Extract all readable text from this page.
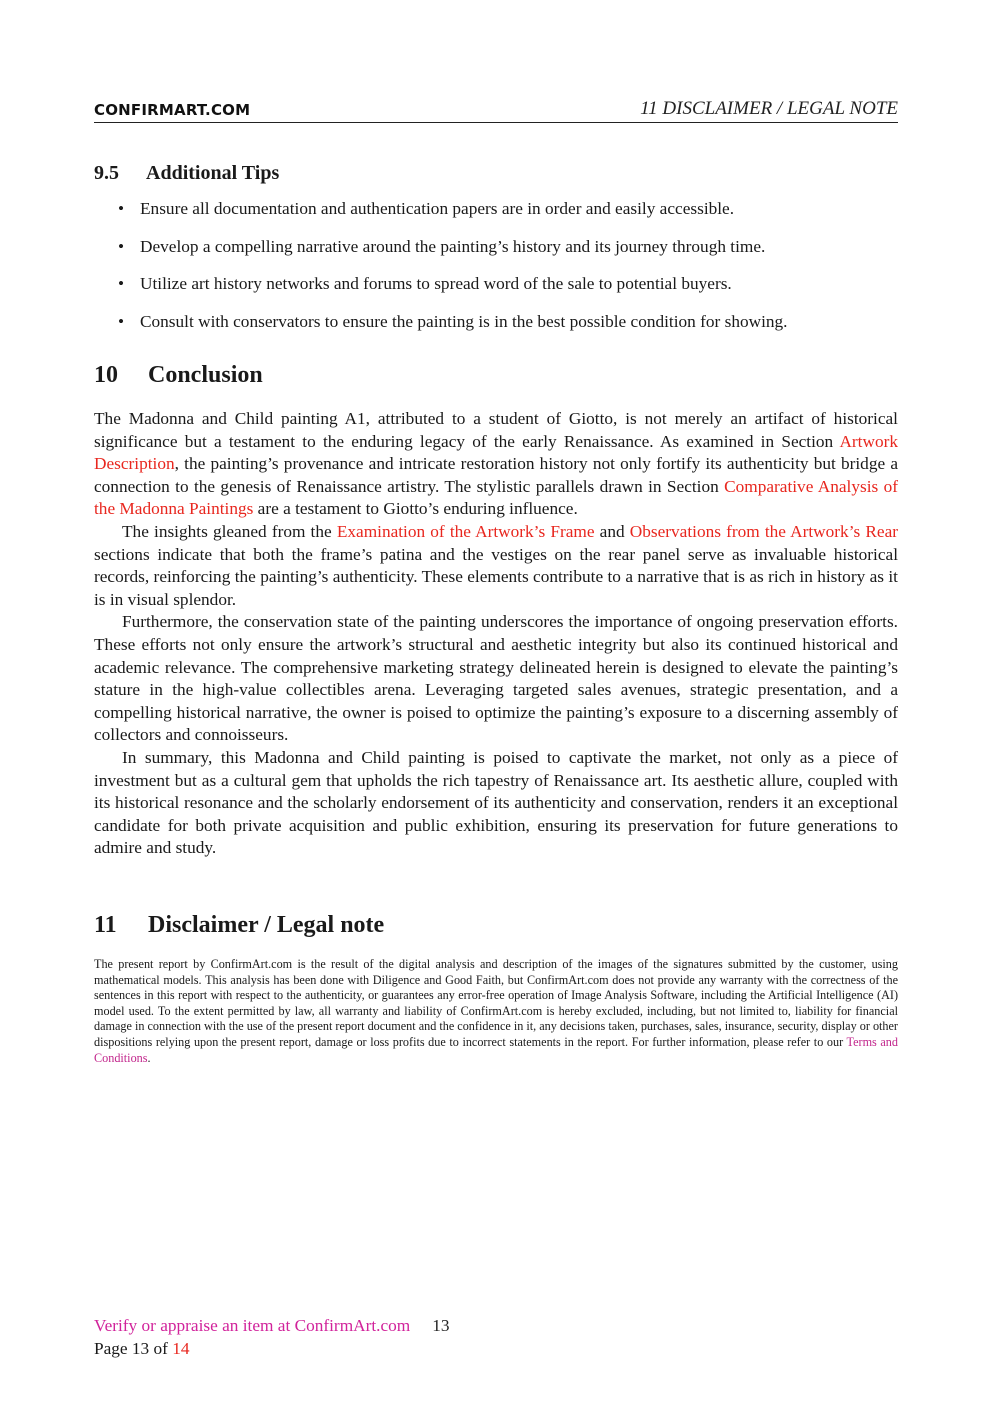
CONFIRMART.COM	11 DISCLAIMER / LEGAL NOTE
9.5 Additional Tips
• Ensure all documentation and authentication papers are in order and easily accessible.
• Develop a compelling narrative around the painting’s history and its journey through time.
• Utilize art history networks and forums to spread word of the sale to potential buyers.
• Consult with conservators to ensure the painting is in the best possible condition for showing.
10 Conclusion

The Madonna and Child painting A1, attributed to a student of Giotto, is not merely an artifact of historical significance but a testament to the enduring legacy of the early Renaissance. As examined in Section Artwork Description, the painting’s provenance and intricate restoration history not only fortify its authenticity but bridge a connection to the genesis of Renaissance artistry. The stylistic parallels drawn in Section Comparative Analysis of the Madonna Paintings are a testament to Giotto’s enduring influence.

The insights gleaned from the Examination of the Artwork’s Frame and Observations from the Artwork’s Rear sections indicate that both the frame’s patina and the vestiges on the rear panel serve as invaluable historical records, reinforcing the painting’s authenticity. These elements contribute to a narrative that is as rich in history as it is in visual splendor.

Furthermore, the conservation state of the painting underscores the importance of ongoing preservation efforts. These efforts not only ensure the artwork’s structural and aesthetic integrity but also its continued historical and academic relevance. The comprehensive marketing strategy delineated herein is designed to elevate the painting’s stature in the high-value collectibles arena. Leveraging targeted sales avenues, strategic presentation, and a compelling historical narrative, the owner is poised to optimize the painting’s exposure to a discerning assembly of collectors and connoisseurs.

In summary, this Madonna and Child painting is poised to captivate the market, not only as a piece of investment but as a cultural gem that upholds the rich tapestry of Renaissance art. Its aesthetic allure, coupled with its historical resonance and the scholarly endorsement of its authenticity and conservation, renders it an exceptional candidate for both private acquisition and public exhibition, ensuring its preservation for future generations to admire and study.

11 Disclaimer / Legal note
The present report by ConfirmArt.com is the result of the digital analysis and description of the images of the signatures submitted by the customer, using mathematical models. This analysis has been done with Diligence and Good Faith, but ConfirmArt.com does not provide any warranty with the correctness of the sentences in this report with respect to the authenticity, or guarantees any error-free operation of Image Analysis Software, including the Artificial Intelligence (AI) model used. To the extent permitted by law, all warranty and liability of ConfirmArt.com is hereby excluded, including, but not limited to, liability for financial damage in connection with the use of the present report document and the confidence in it, any decisions taken, purchases, sales, insurance, security, display or other dispositions relying upon the present report, damage or loss profits due to incorrect statements in the report. For further information, please refer to our Terms and Conditions.
Verify or appraise an item at ConfirmArt.com 13
Page 13 of 14
